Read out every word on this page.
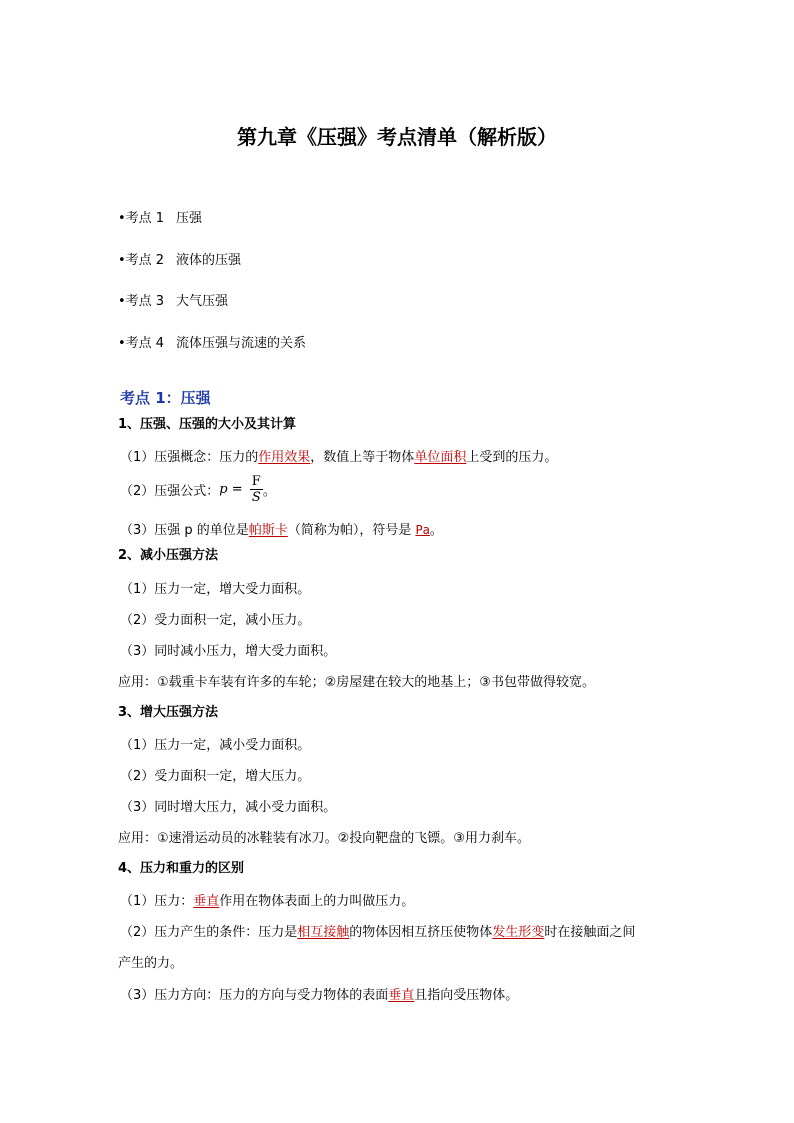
第九章《压强》考点清单（解析版）
•考点 1 压强
•考点 2 液体的压强
•考点 3 大气压强
•考点 4 流体压强与流速的关系
考点 1：压强
1、压强、压强的大小及其计算
（1）压强概念：压力的作用效果，数值上等于物体单位面积上受到的压力。
（2）压强公式：$p = \frac{F}{S}$ 。
（3）压强 p 的单位是帕斯卡（简称为帕），符号是 Pa。
2、减小压强方法
（1）压力一定，增大受力面积。
（2）受力面积一定，减小压力。
（3）同时减小压力，增大受力面积。
应用：①载重卡车装有许多的车轮；②房屋建在较大的地基上；③书包带做得较宽。
3、增大压强方法
（1）压力一定，减小受力面积。
（2）受力面积一定，增大压力。
（3）同时增大压力，减小受力面积。
应用：①速滑运动员的冰鞋装有冰刀。②投向靶盘的飞镖。③用力刹车。
4、压力和重力的区别
（1）压力：垂直作用在物体表面上的力叫做压力。
（2）压力产生的条件：压力是相互接触的物体因相互挤压使物体发生形变时在接触面之间
产生的力。
（3）压力方向：压力的方向与受力物体的表面垂直且指向受压物体。
